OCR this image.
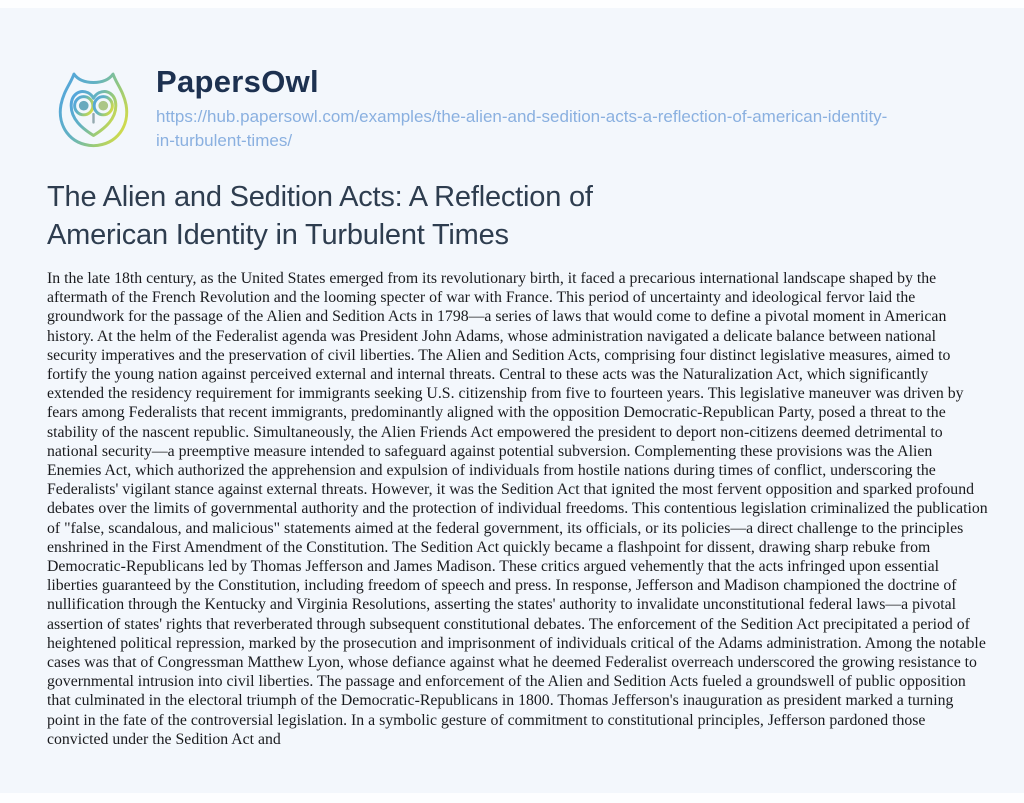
PapersOwl
https://hub.papersowl.com/examples/the-alien-and-sedition-acts-a-reflection-of-american-identity-in-turbulent-times/
The Alien and Sedition Acts: A Reflection of American Identity in Turbulent Times

In the late 18th century, as the United States emerged from its revolutionary birth, it faced a precarious international landscape shaped by the aftermath of the French Revolution and the looming specter of war with France. This period of uncertainty and ideological fervor laid the groundwork for the passage of the Alien and Sedition Acts in 1798—a series of laws that would come to define a pivotal moment in American history. At the helm of the Federalist agenda was President John Adams, whose administration navigated a delicate balance between national security imperatives and the preservation of civil liberties. The Alien and Sedition Acts, comprising four distinct legislative measures, aimed to fortify the young nation against perceived external and internal threats. Central to these acts was the Naturalization Act, which significantly extended the residency requirement for immigrants seeking U.S. citizenship from five to fourteen years. This legislative maneuver was driven by fears among Federalists that recent immigrants, predominantly aligned with the opposition Democratic-Republican Party, posed a threat to the stability of the nascent republic. Simultaneously, the Alien Friends Act empowered the president to deport non-citizens deemed detrimental to national security—a preemptive measure intended to safeguard against potential subversion. Complementing these provisions was the Alien Enemies Act, which authorized the apprehension and expulsion of individuals from hostile nations during times of conflict, underscoring the Federalists' vigilant stance against external threats. However, it was the Sedition Act that ignited the most fervent opposition and sparked profound debates over the limits of governmental authority and the protection of individual freedoms. This contentious legislation criminalized the publication of "false, scandalous, and malicious" statements aimed at the federal government, its officials, or its policies—a direct challenge to the principles enshrined in the First Amendment of the Constitution. The Sedition Act quickly became a flashpoint for dissent, drawing sharp rebuke from Democratic-Republicans led by Thomas Jefferson and James Madison. These critics argued vehemently that the acts infringed upon essential liberties guaranteed by the Constitution, including freedom of speech and press. In response, Jefferson and Madison championed the doctrine of nullification through the Kentucky and Virginia Resolutions, asserting the states' authority to invalidate unconstitutional federal laws—a pivotal assertion of states' rights that reverberated through subsequent constitutional debates. The enforcement of the Sedition Act precipitated a period of heightened political repression, marked by the prosecution and imprisonment of individuals critical of the Adams administration. Among the notable cases was that of Congressman Matthew Lyon, whose defiance against what he deemed Federalist overreach underscored the growing resistance to governmental intrusion into civil liberties. The passage and enforcement of the Alien and Sedition Acts fueled a groundswell of public opposition that culminated in the electoral triumph of the Democratic-Republicans in 1800. Thomas Jefferson's inauguration as president marked a turning point in the fate of the controversial legislation. In a symbolic gesture of commitment to constitutional principles, Jefferson pardoned those convicted under the Sedition Act and
